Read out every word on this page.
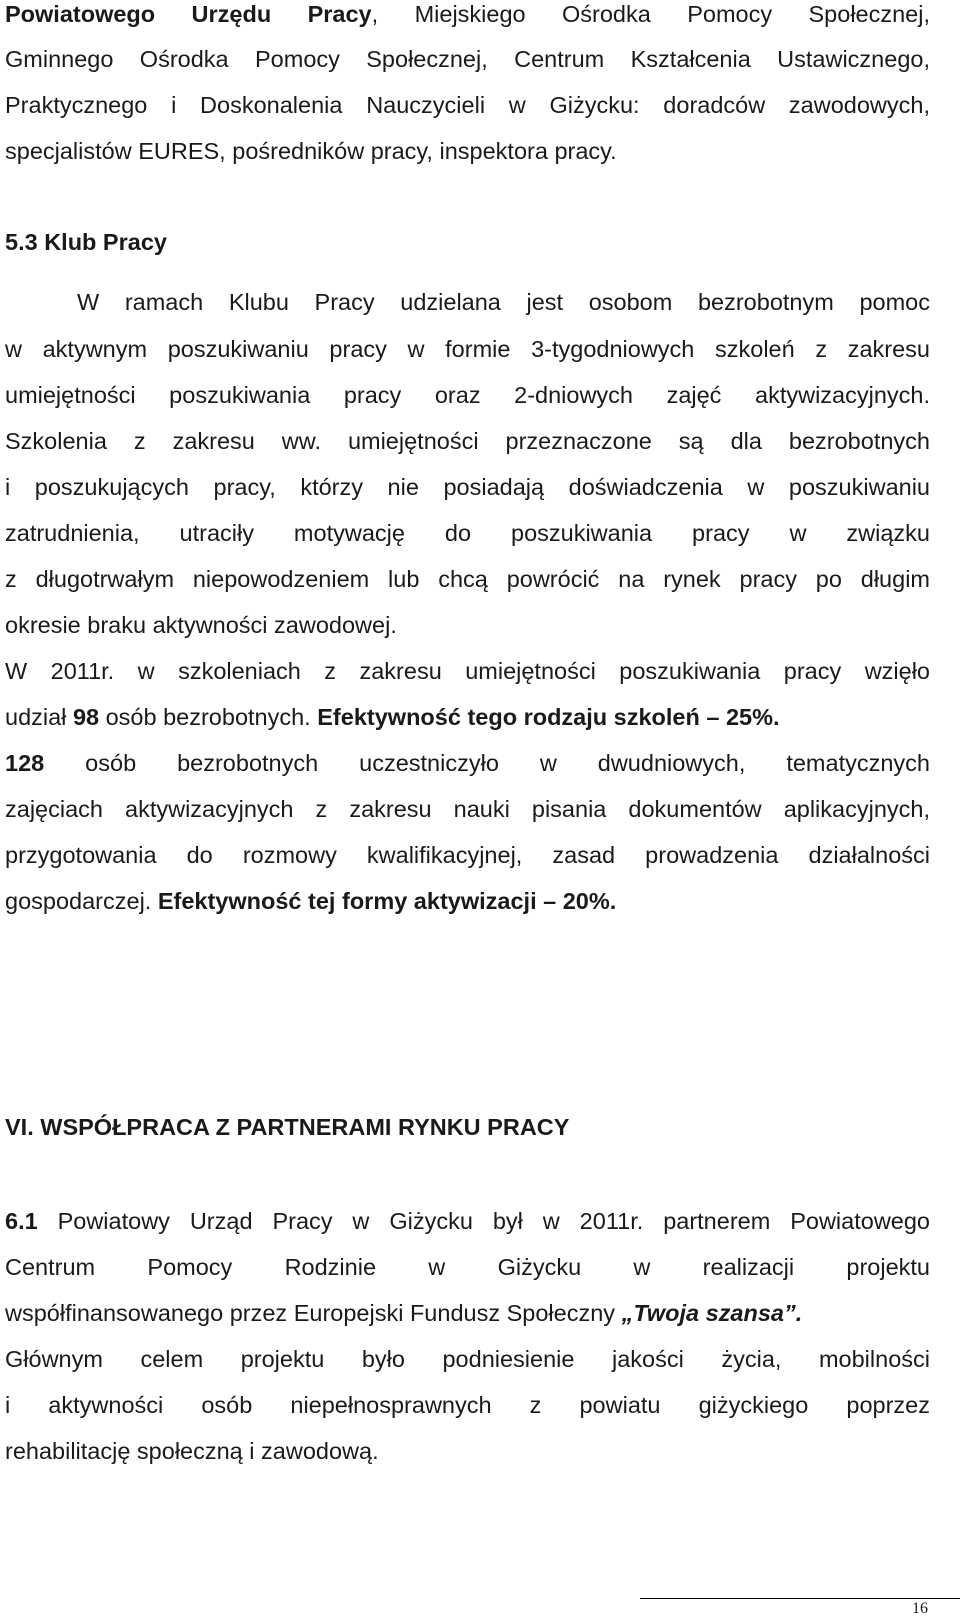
Powiatowego Urzędu Pracy, Miejskiego Ośrodka Pomocy Społecznej,
Gminnego Ośrodka Pomocy Społecznej, Centrum Kształcenia Ustawicznego,
Praktycznego i Doskonalenia Nauczycieli w Giżycku: doradców zawodowych,
specjalistów EURES, pośredników pracy, inspektora pracy.
5.3 Klub Pracy
W ramach Klubu Pracy udzielana jest osobom bezrobotnym pomoc
w aktywnym poszukiwaniu pracy w formie 3-tygodniowych szkoleń z zakresu
umiejętności poszukiwania pracy oraz 2-dniowych zajęć aktywizacyjnych.
Szkolenia z zakresu ww. umiejętności przeznaczone są dla bezrobotnych
i poszukujących pracy, którzy nie posiadają doświadczenia w poszukiwaniu
zatrudnienia, utraciły motywację do poszukiwania pracy w związku
z długotrwałym niepowodzeniem lub chcą powrócić na rynek pracy po długim
okresie braku aktywności zawodowej.
W 2011r. w szkoleniach z zakresu umiejętności poszukiwania pracy wzięło
udział 98 osób bezrobotnych. Efektywność tego rodzaju szkoleń – 25%.
128 osób bezrobotnych uczestniczyło w dwudniowych, tematycznych
zajęciach aktywizacyjnych z zakresu nauki pisania dokumentów aplikacyjnych,
przygotowania do rozmowy kwalifikacyjnej, zasad prowadzenia działalności
gospodarczej. Efektywność tej formy aktywizacji – 20%.
VI. WSPÓŁPRACA Z PARTNERAMI RYNKU PRACY
6.1 Powiatowy Urząd Pracy w Giżycku był w 2011r. partnerem Powiatowego
Centrum Pomocy Rodzinie w Giżycku w realizacji projektu
współfinansowanego przez Europejski Fundusz Społeczny „Twoja szansa”.
Głównym celem projektu było podniesienie jakości życia, mobilności
i aktywności osób niepełnosprawnych z powiatu giżyckiego poprzez
rehabilitację społeczną i zawodową.
16
